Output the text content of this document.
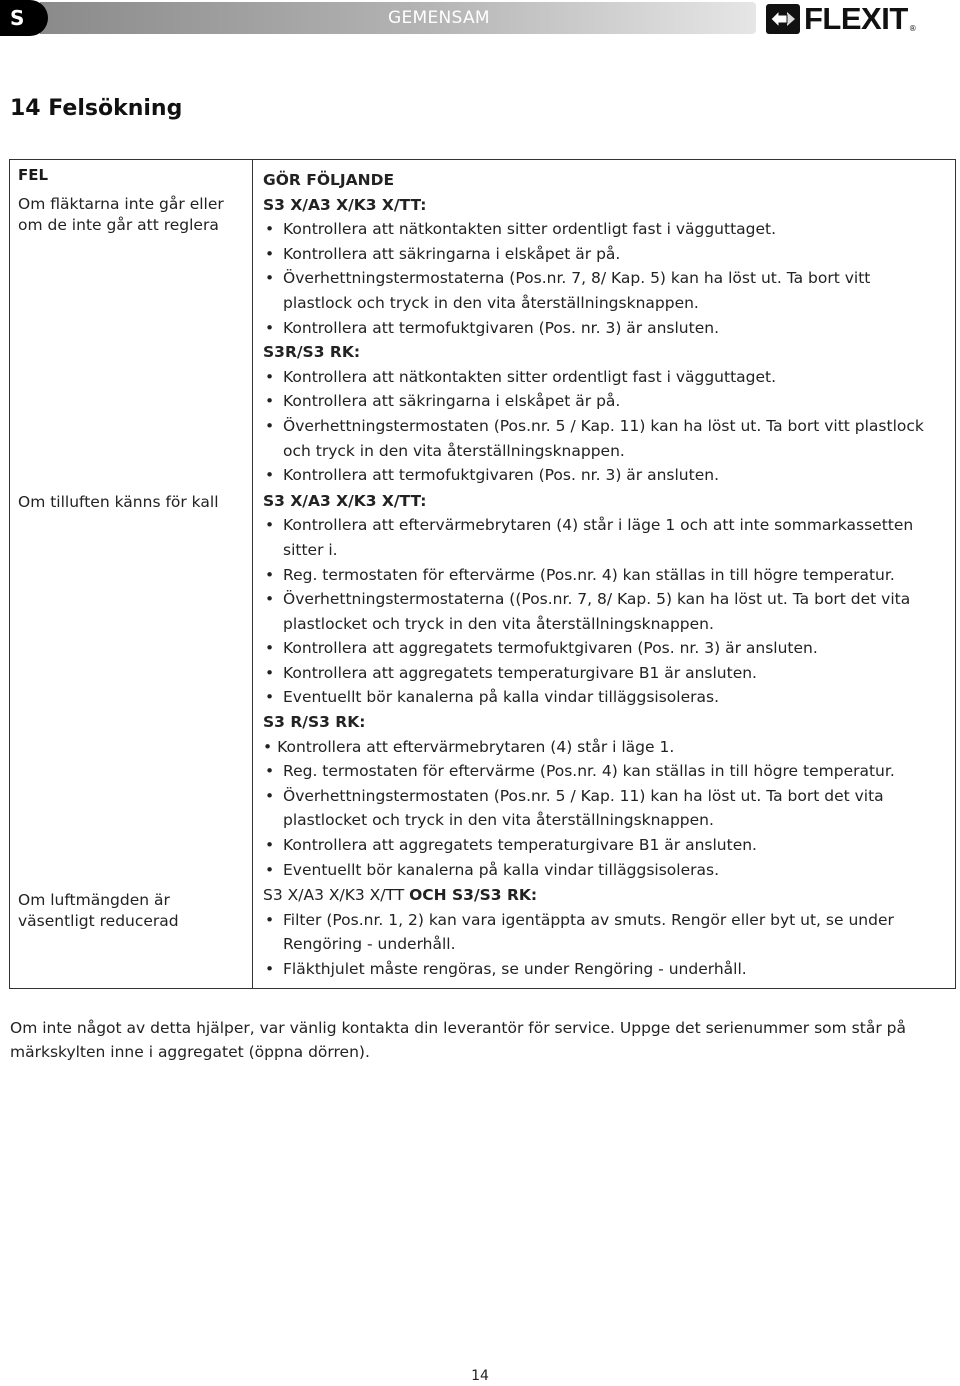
GEMENSAM
S	FLEXIT ®
14 Felsökning
FEL
Om fläktarna inte går eller om de inte går att reglera
Om tilluften känns för kall
Om luftmängden är väsentligt reducerad
GÖR FÖLJANDE
S3 X/A3 X/K3 X/TT:
• Kontrollera att nätkontakten sitter ordentligt fast i vägguttaget.
• Kontrollera att säkringarna i elskåpet är på.
• Överhettningstermostaterna (Pos.nr. 7, 8/ Kap. 5) kan ha löst ut. Ta bort vitt plastlock och tryck in den vita återställningsknappen.
• Kontrollera att termofuktgivaren (Pos. nr. 3) är ansluten.
S3R/S3 RK:
• Kontrollera att nätkontakten sitter ordentligt fast i vägguttaget.
• Kontrollera att säkringarna i elskåpet är på.
• Överhettningstermostaten (Pos.nr. 5 / Kap. 11) kan ha löst ut. Ta bort vitt plastlock och tryck in den vita återställningsknappen.
• Kontrollera att termofuktgivaren (Pos. nr. 3) är ansluten.
S3 X/A3 X/K3 X/TT:
• Kontrollera att eftervärmebrytaren (4) står i läge 1 och att inte sommarkassetten sitter i.
• Reg. termostaten för eftervärme (Pos.nr. 4) kan ställas in till högre temperatur.
• Överhettningstermostaterna ((Pos.nr. 7, 8/ Kap. 5) kan ha löst ut. Ta bort det vita plastlocket och tryck in den vita återställningsknappen.
• Kontrollera att aggregatets termofuktgivaren (Pos. nr. 3) är ansluten.
• Kontrollera att aggregatets temperaturgivare B1 är ansluten.
• Eventuellt bör kanalerna på kalla vindar tilläggsisoleras.
S3 R/S3 RK:
• Kontrollera att eftervärmebrytaren (4) står i läge 1.
• Reg. termostaten för eftervärme (Pos.nr. 4) kan ställas in till högre temperatur.
• Överhettningstermostaten (Pos.nr. 5 / Kap. 11) kan ha löst ut. Ta bort det vita plastlocket och tryck in den vita återställningsknappen.
• Kontrollera att aggregatets temperaturgivare B1 är ansluten.
• Eventuellt bör kanalerna på kalla vindar tilläggsisoleras.
S3 X/A3 X/K3 X/TT OCH S3/S3 RK:
• Filter (Pos.nr. 1, 2) kan vara igentäppta av smuts. Rengör eller byt ut, se under Rengöring - underhåll.
• Fläkthjulet måste rengöras, se under Rengöring - underhåll.

Om inte något av detta hjälper, var vänlig kontakta din leverantör för service. Uppge det serienummer som står på märkskylten inne i aggregatet (öppna dörren).

14
